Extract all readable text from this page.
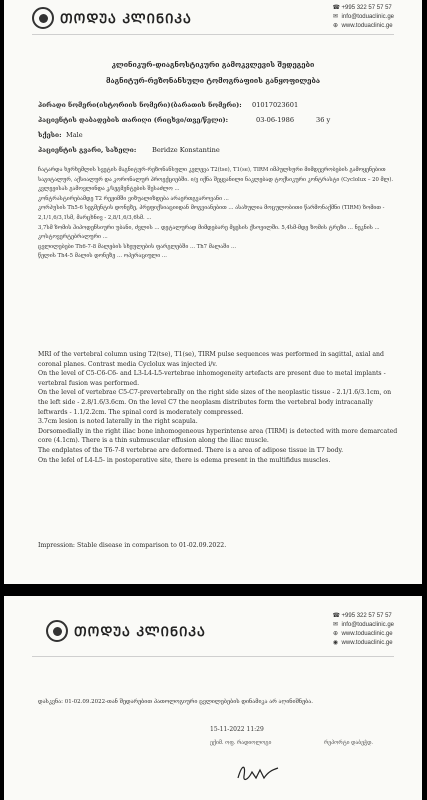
ᲗᲝᲓᲣᲐ ᲙᲚᲘᲜᲘᲙᲐ
☎ +995 322 57 57 57
✉ info@toduaclinic.ge
⊕ www.toduaclinic.ge
კლინიკურ-დიაგნოსტიკური გამოკვლევის შედეგები
მაგნიტურ-რეზონანსული ტომოგრაფიის განყოფილება
პირადი ნომერი(ისტორიის ნომერი)(ბარათის ნომერი): 01017023601
პაციენტის დაბადების თარიღი (რიცხვი/თვე/წელი):	03-06-1986	36 y
სქესი: Male
პაციენტის გვარი, სახელი: Beridze Konstantine
ჩატარდა ხერხემლის სვეტის მაგნიტურ-რეზონანსული კვლევა T2(tse), T1(se), TIRM იმპულსური მიმდევრობების გამოყენებით საგიტალურ, აქსიალურ და კორონალურ პროექციებში. ი/ვ იქნა შეყვანილი ნაკლებად ტოქსიკური კონტრასტი (Cyclolux – 20 მლ). კვლევისას გამოვლინდა კ/სეგმენტების შესაძლო ...
კონტრასტირებამდე T2 რეჟიმში ვიზუალიზდება არაერთგვაროვანი ...
კორპუსის Th5-6 სეგმენტის დონეზე, პრეფიქსიაციიდან მოგვიანებით ... ასახულია მოცულობითი წარმონაქმნი (TIRM) ზომით - 2,1/1,6/3,1სმ, მარცხნივ - 2,8/1,6/3,6სმ. ...
3,7სმ ზომის ჰიპოდენსიური უბანი, ძვლის ... დეტალურად მიმდებარე მყესის ქსოვილში. 5,4სმ-მდე ზომის ტრეზი ... ნეკნის ... კოსტოვერტებრალური ...
ცვლილებები Th6-7-8 მალების სხეულების ფარგლებში ... Th7 მალაში ...
წელის Th4-5 მალის დონეზე ... ოპერაციული ...
MRI of the vertebral column using T2(tse), T1(se), TIRM pulse sequences was performed in sagittal, axial and coronal planes. Contrast media Cyclolux was injected i/v.
On the level of C5-C6-C6- and L3-L4-L5-vertebrae inhomogeneity artefacts are present due to metal implants - vertebral fusion was performed.
On the level of vertebrae C5-C7-prevertebrally on the right side sizes of the neoplastic tissue - 2.1/1.6/3.1cm, on the left side - 2.8/1.6/3.6cm. On the level C7 the neoplasm distributes form the vertebral body intracanally leftwards - 1.1/2.2cm. The spinal cord is moderately compressed.
3.7cm lesion is noted laterally in the right scapula.
Dorsomedially in the right iliac bone inhomogeneous hyperintense area (TIRM) is detected with more demarcated core (4.1cm). There is a thin submuscular effusion along the iliac muscle.
The endplates of the T6-7-8 vertebrae are deformed. There is a area of adipose tissue in T7 body.
On the lefel of L4-L5- in postoperative site, there is edema present in the multifidus muscles.
Impression: Stable disease in comparison to 01-02.09.2022.
ᲗᲝᲓᲣᲐ ᲙᲚᲘᲜᲘᲙᲐ
☎ +995 322 57 57 57
✉ info@toduaclinic.ge
⊕ www.toduaclinic.ge
◉ www.toduaclinic.ge
დასკვნა: 01-02.09.2022-თან შედარებით პათოლოგიური ცვლილებების დინამიკა არ აღინიშნება.
15-11-2022 11:29
ექიმ. ოფ. რადიოლოგი	რეპორტი დაბეჭდ.
